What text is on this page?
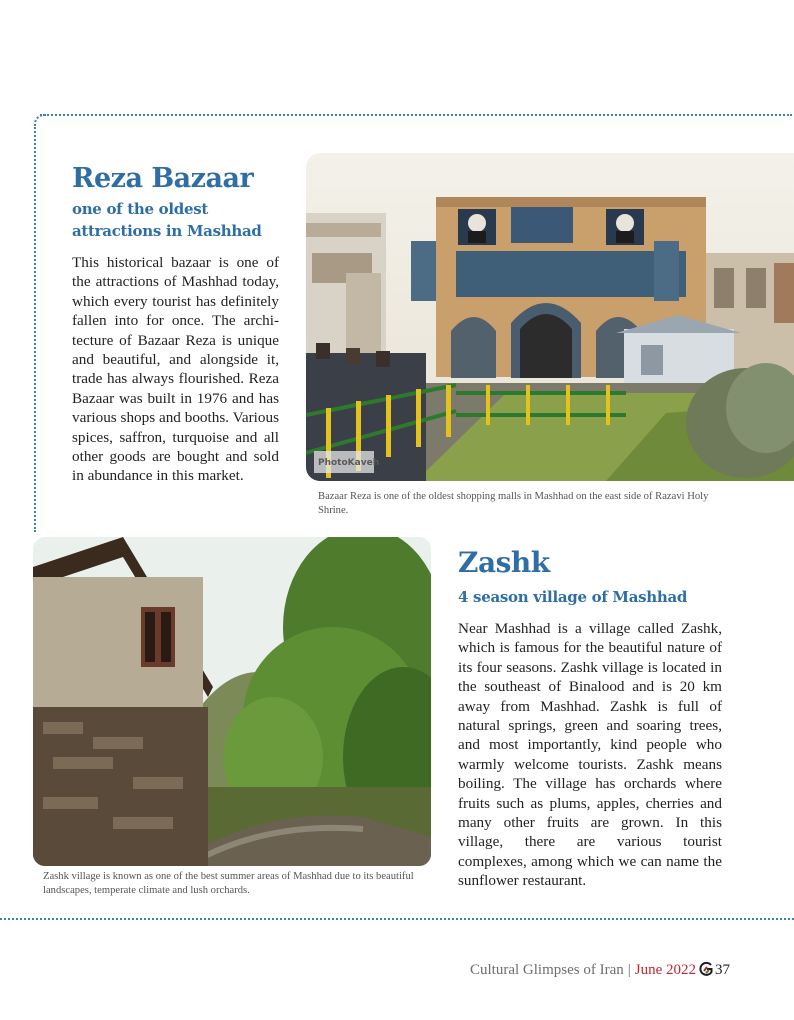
Reza Bazaar
one of the oldest attractions in Mashhad

This historical bazaar is one of the attractions of Mashhad today, which every tourist has definitely fallen into for once. The archi-tecture of Bazaar Reza is unique and beautiful, and alongside it, trade has always flourished. Reza Bazaar was built in 1976 and has various shops and booths. Various spices, saffron, turquoise and all other goods are bought and sold in abundance in this market.

PhotoKaveh

Bazaar Reza is one of the oldest shopping malls in Mashhad on the east side of Razavi Holy Shrine.

Zashk village is known as one of the best summer areas of Mashhad due to its beautiful landscapes, temperate climate and lush orchards.

Zashk
4 season village of Mashhad

Near Mashhad is a village called Zashk, which is famous for the beautiful nature of its four seasons. Zashk village is located in the southeast of Binalood and is 20 km away from Mashhad. Zashk is full of natural springs, green and soaring trees, and most importantly, kind people who warmly welcome tourists. Zashk means boiling. The village has orchards where fruits such as plums, apples, cherries and many other fruits are grown. In this village, there are various tourist complexes, among which we can name the sunflower restaurant.

Cultural Glimpses of Iran | June 2022 37
